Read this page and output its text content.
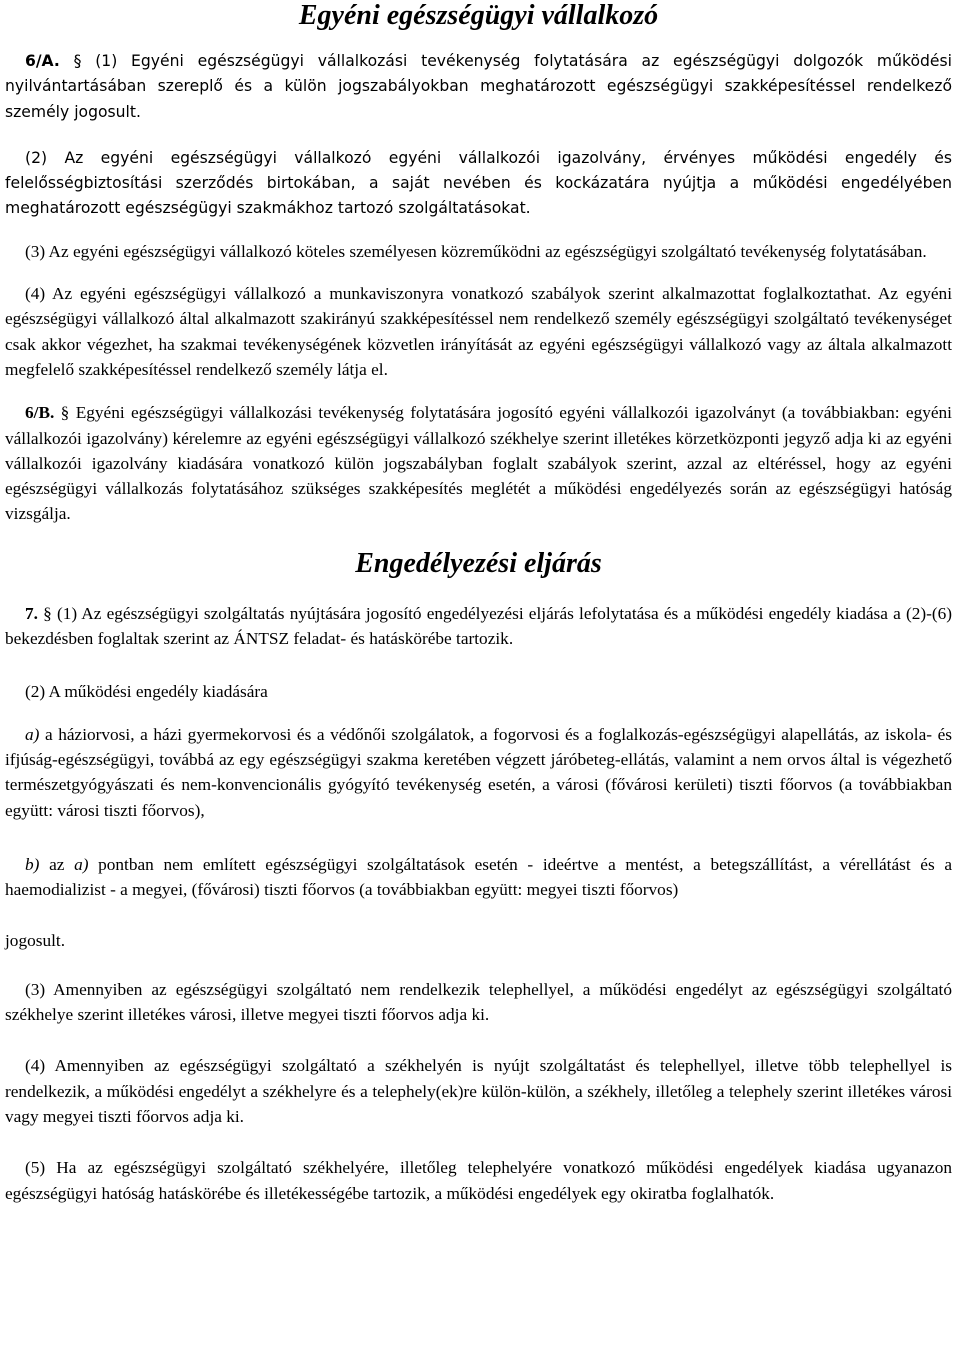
Egyéni egészségügyi vállalkozó

6/A. § (1) Egyéni egészségügyi vállalkozási tevékenység folytatására az egészségügyi dolgozók működési nyilvántartásában szereplő és a külön jogszabályokban meghatározott egészségügyi szakképesítéssel rendelkező személy jogosult.

(2) Az egyéni egészségügyi vállalkozó egyéni vállalkozói igazolvány, érvényes működési engedély és felelősségbiztosítási szerződés birtokában, a saját nevében és kockázatára nyújtja a működési engedélyében meghatározott egészségügyi szakmákhoz tartozó szolgáltatásokat.

(3) Az egyéni egészségügyi vállalkozó köteles személyesen közreműködni az egészségügyi szolgáltató tevékenység folytatásában.

(4) Az egyéni egészségügyi vállalkozó a munkaviszonyra vonatkozó szabályok szerint alkalmazottat foglalkoztathat. Az egyéni egészségügyi vállalkozó által alkalmazott szakirányú szakképesítéssel nem rendelkező személy egészségügyi szolgáltató tevékenységet csak akkor végezhet, ha szakmai tevékenységének közvetlen irányítását az egyéni egészségügyi vállalkozó vagy az általa alkalmazott megfelelő szakképesítéssel rendelkező személy látja el.

6/B. § Egyéni egészségügyi vállalkozási tevékenység folytatására jogosító egyéni vállalkozói igazolványt (a továbbiakban: egyéni vállalkozói igazolvány) kérelemre az egyéni egészségügyi vállalkozó székhelye szerint illetékes körzetközponti jegyző adja ki az egyéni vállalkozói igazolvány kiadására vonatkozó külön jogszabályban foglalt szabályok szerint, azzal az eltéréssel, hogy az egyéni egészségügyi vállalkozás folytatásához szükséges szakképesítés meglétét a működési engedélyezés során az egészségügyi hatóság vizsgálja.

Engedélyezési eljárás

7. § (1) Az egészségügyi szolgáltatás nyújtására jogosító engedélyezési eljárás lefolytatása és a működési engedély kiadása a (2)-(6) bekezdésben foglaltak szerint az ÁNTSZ feladat- és hatáskörébe tartozik.

(2) A működési engedély kiadására

a) a háziorvosi, a házi gyermekorvosi és a védőnői szolgálatok, a fogorvosi és a foglalkozás-egészségügyi alapellátás, az iskola- és ifjúság-egészségügyi, továbbá az egy egészségügyi szakma keretében végzett járóbeteg-ellátás, valamint a nem orvos által is végezhető természetgyógyászati és nem-konvencionális gyógyító tevékenység esetén, a városi (fővárosi kerületi) tiszti főorvos (a továbbiakban együtt: városi tiszti főorvos),

b) az a) pontban nem említett egészségügyi szolgáltatások esetén - ideértve a mentést, a betegszállítást, a vérellátást és a haemodializist - a megyei, (fővárosi) tiszti főorvos (a továbbiakban együtt: megyei tiszti főorvos)

jogosult.

(3) Amennyiben az egészségügyi szolgáltató nem rendelkezik telephellyel, a működési engedélyt az egészségügyi szolgáltató székhelye szerint illetékes városi, illetve megyei tiszti főorvos adja ki.

(4) Amennyiben az egészségügyi szolgáltató a székhelyén is nyújt szolgáltatást és telephellyel, illetve több telephellyel is rendelkezik, a működési engedélyt a székhelyre és a telephely(ek)re külön-külön, a székhely, illetőleg a telephely szerint illetékes városi vagy megyei tiszti főorvos adja ki.

(5) Ha az egészségügyi szolgáltató székhelyére, illetőleg telephelyére vonatkozó működési engedélyek kiadása ugyanazon egészségügyi hatóság hatáskörébe és illetékességébe tartozik, a működési engedélyek egy okiratba foglalhatók.
